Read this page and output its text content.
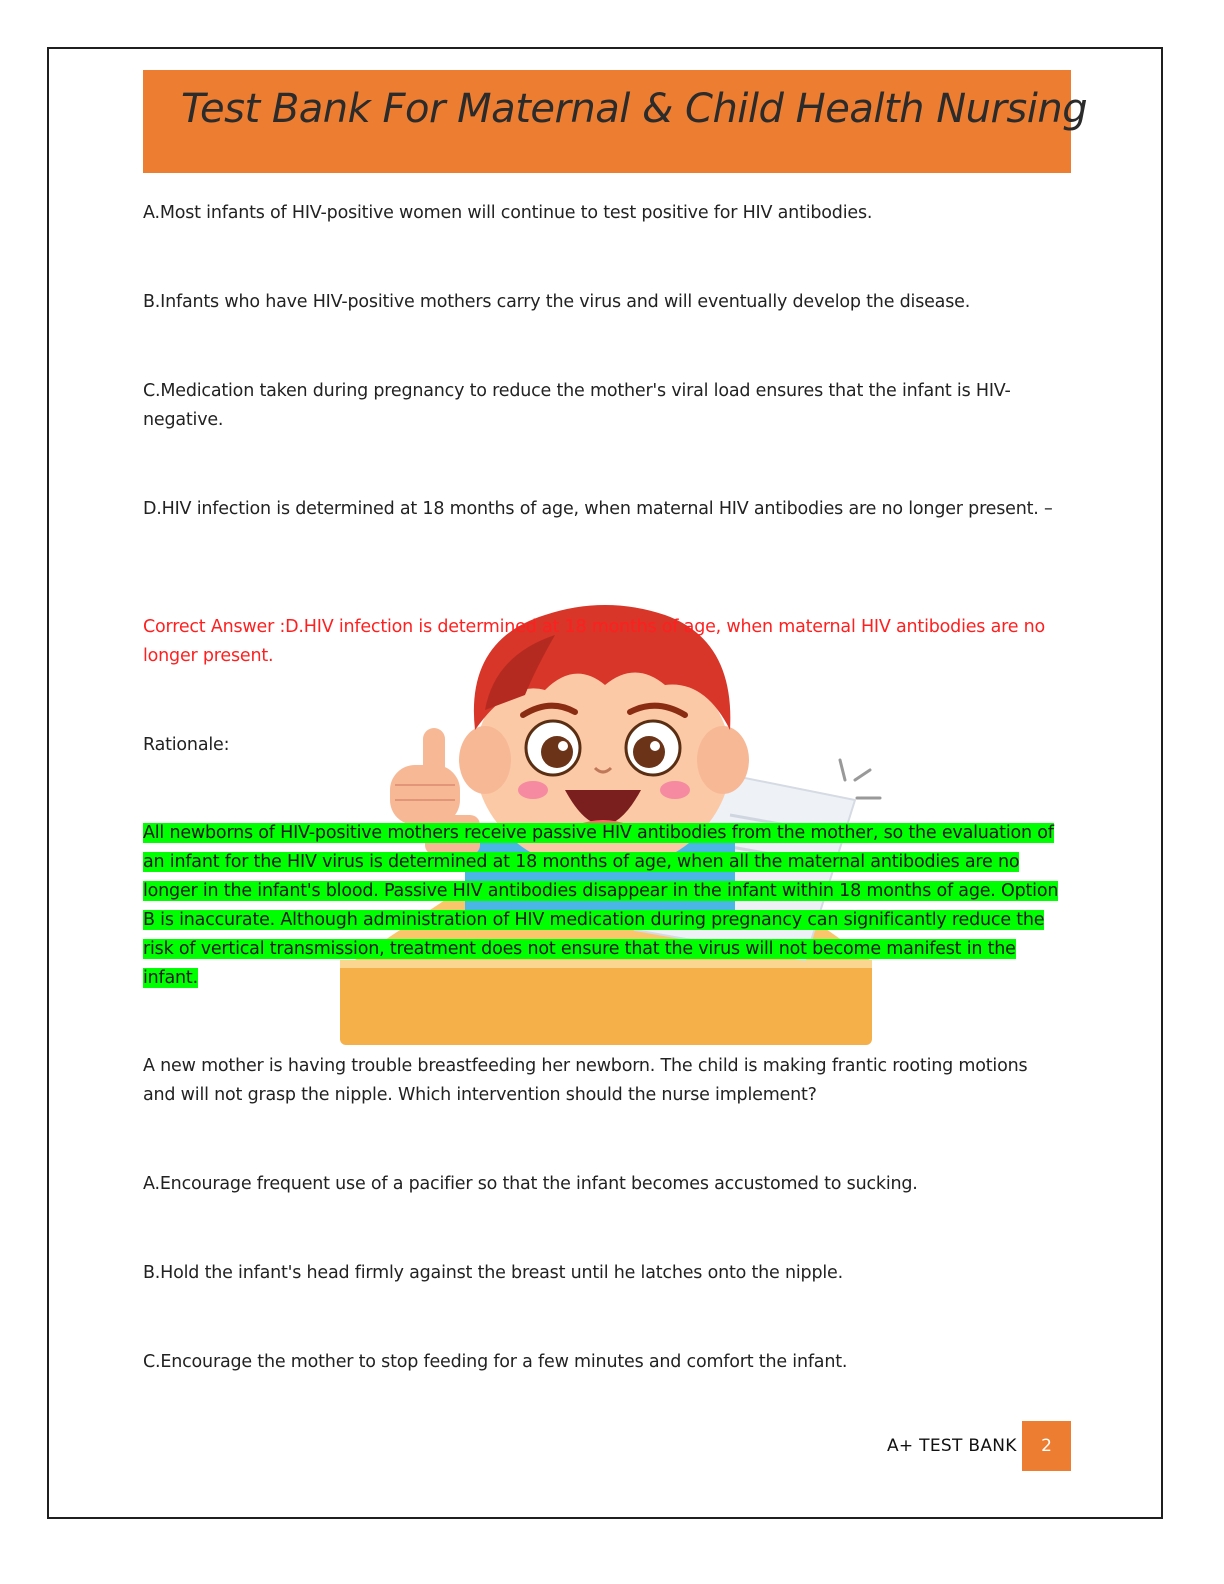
Test Bank For Maternal & Child Health Nursing

A.Most infants of HIV-positive women will continue to test positive for HIV antibodies.

B.Infants who have HIV-positive mothers carry the virus and will eventually develop the disease.

C.Medication taken during pregnancy to reduce the mother's viral load ensures that the infant is HIV-negative.

D.HIV infection is determined at 18 months of age, when maternal HIV antibodies are no longer present. –

Correct Answer :D.HIV infection is determined at 18 months of age, when maternal HIV antibodies are no longer present.

Rationale:

All newborns of HIV-positive mothers receive passive HIV antibodies from the mother, so the evaluation of an infant for the HIV virus is determined at 18 months of age, when all the maternal antibodies are no longer in the infant's blood. Passive HIV antibodies disappear in the infant within 18 months of age. Option B is inaccurate. Although administration of HIV medication during pregnancy can significantly reduce the risk of vertical transmission, treatment does not ensure that the virus will not become manifest in the infant.

A new mother is having trouble breastfeeding her newborn. The child is making frantic rooting motions and will not grasp the nipple. Which intervention should the nurse implement?

A.Encourage frequent use of a pacifier so that the infant becomes accustomed to sucking.

B.Hold the infant's head firmly against the breast until he latches onto the nipple.

C.Encourage the mother to stop feeding for a few minutes and comfort the infant.

A+ TEST BANK	2
